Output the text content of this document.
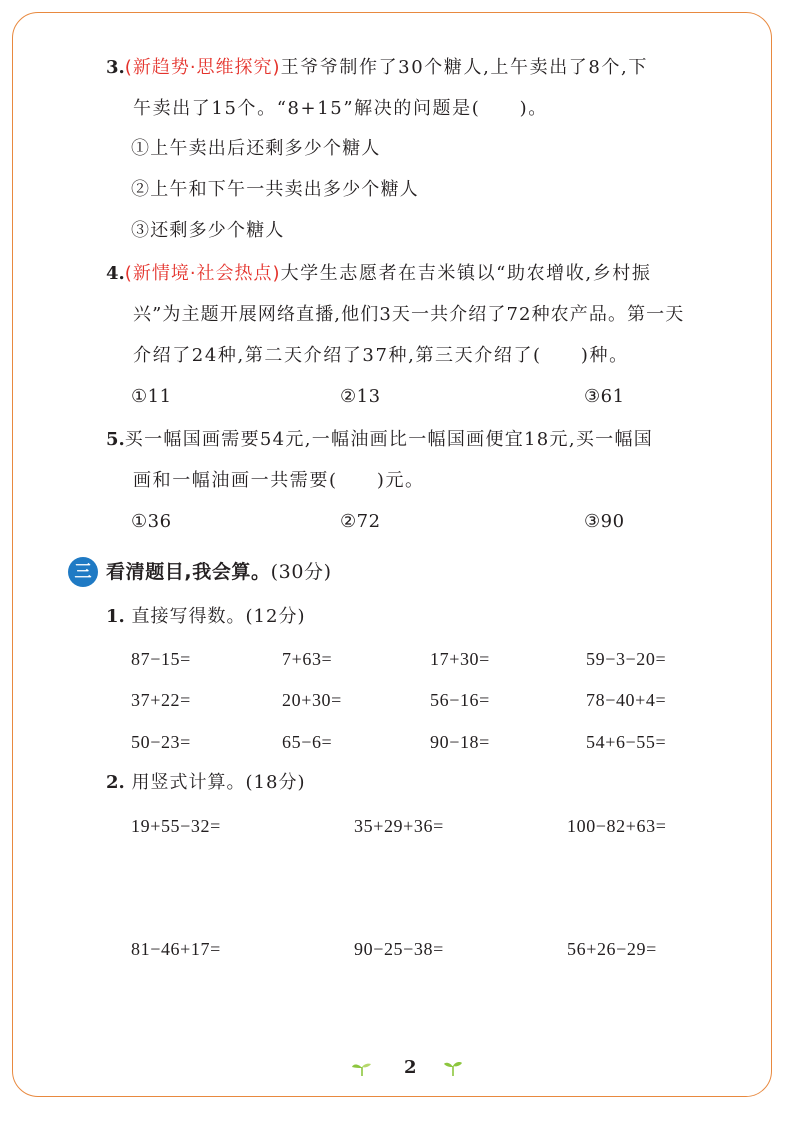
3.(新趋势·思维探究)王爷爷制作了30个糖人,上午卖出了8个,下
午卖出了15个。“8+15”解决的问题是(　　)。
①上午卖出后还剩多少个糖人
②上午和下午一共卖出多少个糖人
③还剩多少个糖人
4.(新情境·社会热点)大学生志愿者在吉米镇以“助农增收,乡村振
兴”为主题开展网络直播,他们3天一共介绍了72种农产品。第一天
介绍了24种,第二天介绍了37种,第三天介绍了(　　)种。
①11	②13	③61
5.买一幅国画需要54元,一幅油画比一幅国画便宜18元,买一幅国
画和一幅油画一共需要(　　)元。
①36	②72	③90
三 看清题目,我会算。(30分)
1. 直接写得数。(12分)
87−15=	7+63=	17+30=	59−3−20=
37+22=	20+30=	56−16=	78−40+4=
50−23=	65−6=	90−18=	54+6−55=
2. 用竖式计算。(18分)
19+55−32=	35+29+36=	100−82+63=
81−46+17=	90−25−38=	56+26−29=
2
